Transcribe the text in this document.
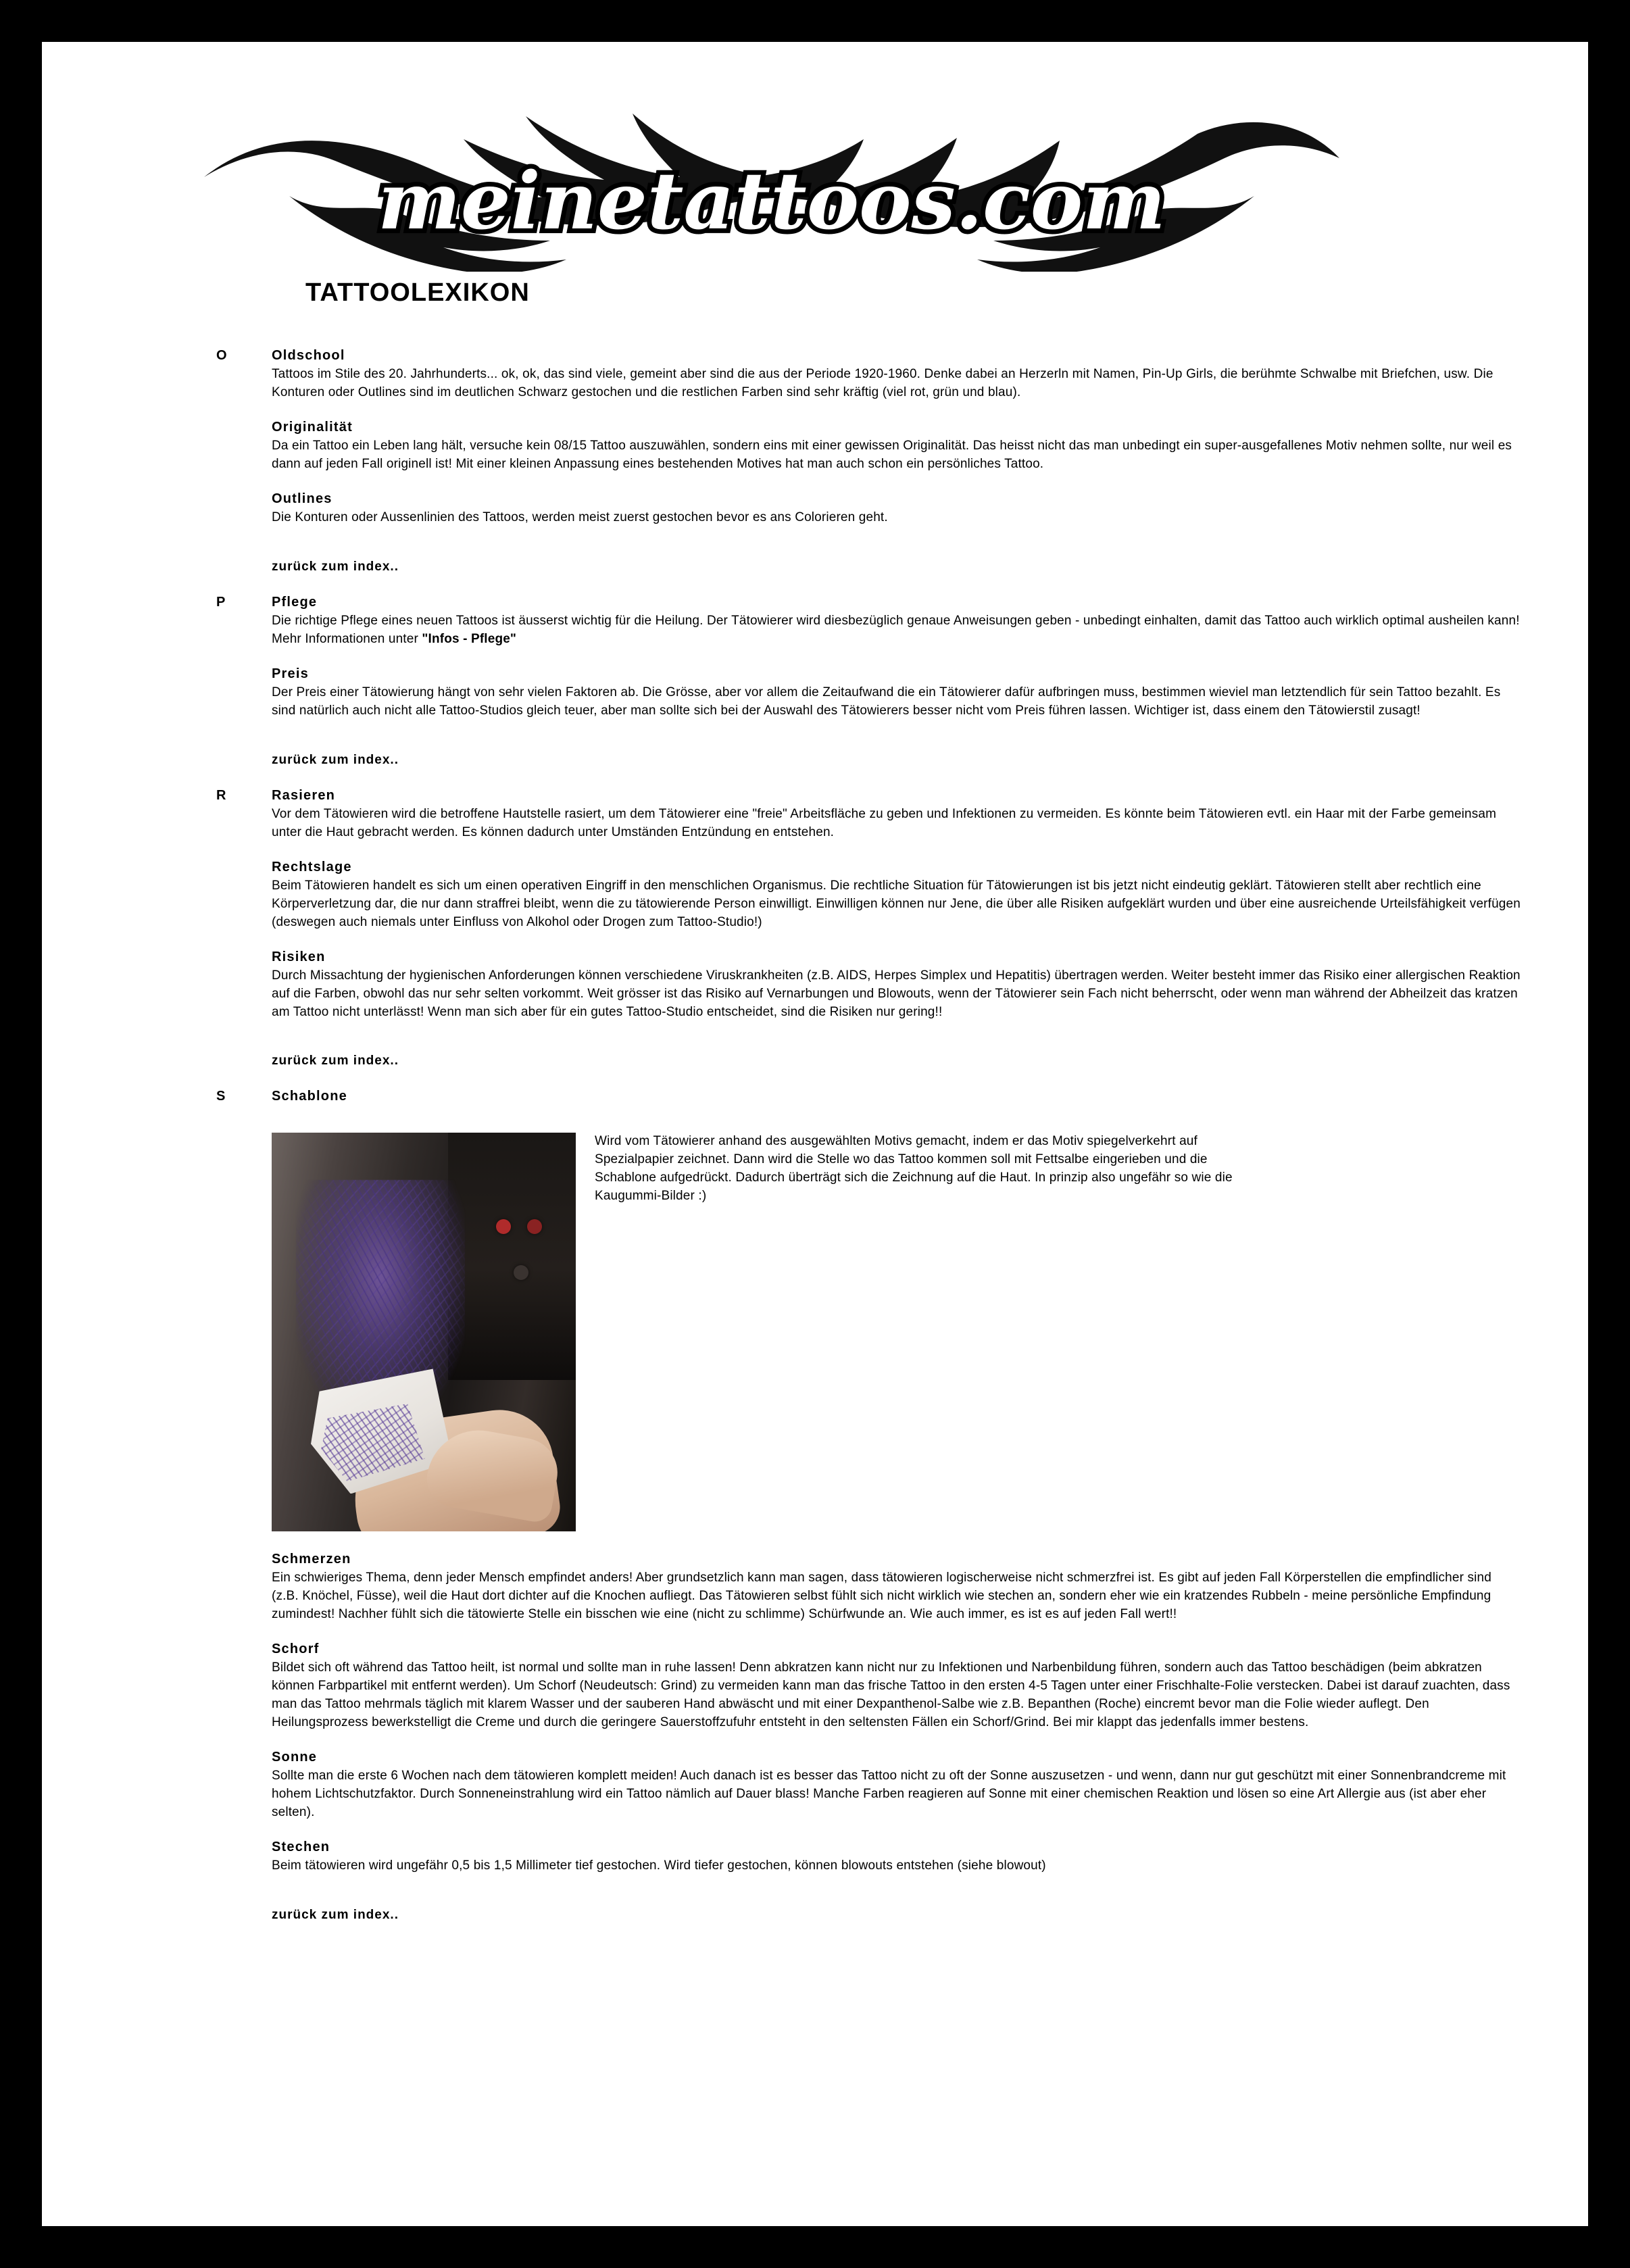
meinetattoos.com
TATTOOLEXIKON
O	Oldschool
Tattoos im Stile des 20. Jahrhunderts... ok, ok, das sind viele, gemeint aber sind die aus der Periode 1920-1960. Denke dabei an Herzerln mit Namen, Pin-Up Girls, die berühmte Schwalbe mit Briefchen, usw. Die Konturen oder Outlines sind im deutlichen Schwarz gestochen und die restlichen Farben sind sehr kräftig (viel rot, grün und blau).
Originalität
Da ein Tattoo ein Leben lang hält, versuche kein 08/15 Tattoo auszuwählen, sondern eins mit einer gewissen Originalität. Das heisst nicht das man unbedingt ein super-ausgefallenes Motiv nehmen sollte, nur weil es dann auf jeden Fall originell ist! Mit einer kleinen Anpassung eines bestehenden Motives hat man auch schon ein persönliches Tattoo.
Outlines
Die Konturen oder Aussenlinien des Tattoos, werden meist zuerst gestochen bevor es ans Colorieren geht.
zurück zum index..
P	Pflege
Die richtige Pflege eines neuen Tattoos ist äusserst wichtig für die Heilung. Der Tätowierer wird diesbezüglich genaue Anweisungen geben - unbedingt einhalten, damit das Tattoo auch wirklich optimal ausheilen kann! Mehr Informationen unter "Infos - Pflege"
Preis
Der Preis einer Tätowierung hängt von sehr vielen Faktoren ab. Die Grösse, aber vor allem die Zeitaufwand die ein Tätowierer dafür aufbringen muss, bestimmen wieviel man letztendlich für sein Tattoo bezahlt. Es sind natürlich auch nicht alle Tattoo-Studios gleich teuer, aber man sollte sich bei der Auswahl des Tätowierers besser nicht vom Preis führen lassen. Wichtiger ist, dass einem den Tätowierstil zusagt!
zurück zum index..
R	Rasieren
Vor dem Tätowieren wird die betroffene Hautstelle rasiert, um dem Tätowierer eine "freie" Arbeitsfläche zu geben und Infektionen zu vermeiden. Es könnte beim Tätowieren evtl. ein Haar mit der Farbe gemeinsam unter die Haut gebracht werden. Es können dadurch unter Umständen Entzündung en entstehen.
Rechtslage
Beim Tätowieren handelt es sich um einen operativen Eingriff in den menschlichen Organismus. Die rechtliche Situation für Tätowierungen ist bis jetzt nicht eindeutig geklärt. Tätowieren stellt aber rechtlich eine Körperverletzung dar, die nur dann straffrei bleibt, wenn die zu tätowierende Person einwilligt. Einwilligen können nur Jene, die über alle Risiken aufgeklärt wurden und über eine ausreichende Urteilsfähigkeit verfügen (deswegen auch niemals unter Einfluss von Alkohol oder Drogen zum Tattoo-Studio!)
Risiken
Durch Missachtung der hygienischen Anforderungen können verschiedene Viruskrankheiten (z.B. AIDS, Herpes Simplex und Hepatitis) übertragen werden. Weiter besteht immer das Risiko einer allergischen Reaktion auf die Farben, obwohl das nur sehr selten vorkommt. Weit grösser ist das Risiko auf Vernarbungen und Blowouts, wenn der Tätowierer sein Fach nicht beherrscht, oder wenn man während der Abheilzeit das kratzen am Tattoo nicht unterlässt! Wenn man sich aber für ein gutes Tattoo-Studio entscheidet, sind die Risiken nur gering!!
zurück zum index..
S	Schablone
Wird vom Tätowierer anhand des ausgewählten Motivs gemacht, indem er das Motiv spiegelverkehrt auf Spezialpapier zeichnet. Dann wird die Stelle wo das Tattoo kommen soll mit Fettsalbe eingerieben und die Schablone aufgedrückt. Dadurch überträgt sich die Zeichnung auf die Haut. In prinzip also ungefähr so wie die Kaugummi-Bilder :)
Schmerzen
Ein schwieriges Thema, denn jeder Mensch empfindet anders! Aber grundsetzlich kann man sagen, dass tätowieren logischerweise nicht schmerzfrei ist. Es gibt auf jeden Fall Körperstellen die empfindlicher sind (z.B. Knöchel, Füsse), weil die Haut dort dichter auf die Knochen aufliegt. Das Tätowieren selbst fühlt sich nicht wirklich wie stechen an, sondern eher wie ein kratzendes Rubbeln - meine persönliche Empfindung zumindest! Nachher fühlt sich die tätowierte Stelle ein bisschen wie eine (nicht zu schlimme) Schürfwunde an. Wie auch immer, es ist es auf jeden Fall wert!!
Schorf
Bildet sich oft während das Tattoo heilt, ist normal und sollte man in ruhe lassen! Denn abkratzen kann nicht nur zu Infektionen und Narbenbildung führen, sondern auch das Tattoo beschädigen (beim abkratzen können Farbpartikel mit entfernt werden). Um Schorf (Neudeutsch: Grind) zu vermeiden kann man das frische Tattoo in den ersten 4-5 Tagen unter einer Frischhalte-Folie verstecken. Dabei ist darauf zuachten, dass man das Tattoo mehrmals täglich mit klarem Wasser und der sauberen Hand abwäscht und mit einer Dexpanthenol-Salbe wie z.B. Bepanthen (Roche) eincremt bevor man die Folie wieder auflegt. Den Heilungsprozess bewerkstelligt die Creme und durch die geringere Sauerstoffzufuhr entsteht in den seltensten Fällen ein Schorf/Grind. Bei mir klappt das jedenfalls immer bestens.
Sonne
Sollte man die erste 6 Wochen nach dem tätowieren komplett meiden! Auch danach ist es besser das Tattoo nicht zu oft der Sonne auszusetzen - und wenn, dann nur gut geschützt mit einer Sonnenbrandcreme mit hohem Lichtschutzfaktor. Durch Sonneneinstrahlung wird ein Tattoo nämlich auf Dauer blass! Manche Farben reagieren auf Sonne mit einer chemischen Reaktion und lösen so eine Art Allergie aus (ist aber eher selten).
Stechen
Beim tätowieren wird ungefähr 0,5 bis 1,5 Millimeter tief gestochen. Wird tiefer gestochen, können blowouts entstehen (siehe blowout)
zurück zum index..
